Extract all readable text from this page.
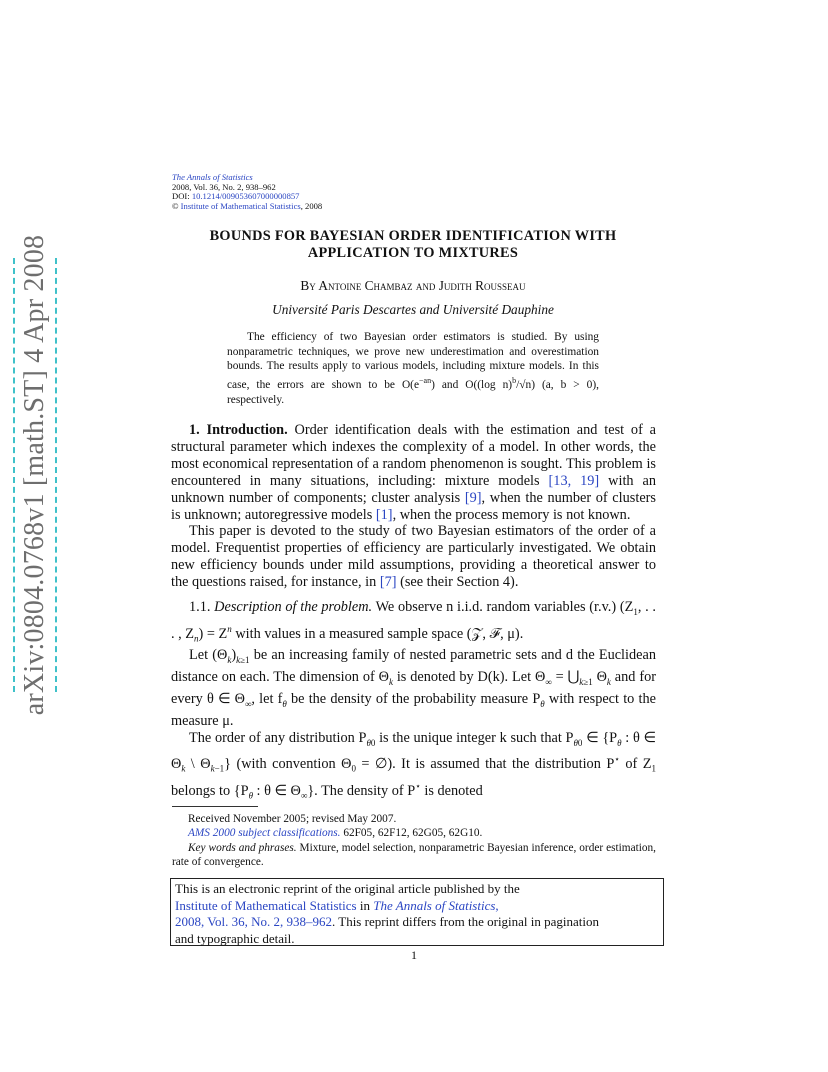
arXiv:0804.0768v1 [math.ST] 4 Apr 2008
The Annals of Statistics
2008, Vol. 36, No. 2, 938–962
DOI: 10.1214/009053607000000857
© Institute of Mathematical Statistics, 2008
BOUNDS FOR BAYESIAN ORDER IDENTIFICATION WITH
APPLICATION TO MIXTURES
By Antoine Chambaz and Judith Rousseau
Université Paris Descartes and Université Dauphine

The efficiency of two Bayesian order estimators is studied. By using nonparametric techniques, we prove new underestimation and overestimation bounds. The results apply to various models, including mixture models. In this case, the errors are shown to be $O(e^{-an})$ and O((log n)$^b$/√n) (a, b > 0), respectively.

1. Introduction. Order identification deals with the estimation and test of a structural parameter which indexes the complexity of a model. In other words, the most economical representation of a random phenomenon is sought. This problem is encountered in many situations, including: mixture models [13, 19] with an unknown number of components; cluster analysis [9], when the number of clusters is unknown; autoregressive models [1], when the process memory is not known.

This paper is devoted to the study of two Bayesian estimators of the order of a model. Frequentist properties of efficiency are particularly investigated. We obtain new efficiency bounds under mild assumptions, providing a theoretical answer to the questions raised, for instance, in [7] (see their Section 4).

1.1. Description of the problem. We observe n i.i.d. random variables (r.v.) ($Z_1$, . . . , $Z_n) = Z^n$ with values in a measured sample space (𝒵, ℱ, μ).

Let $(\Theta_k)_{k\ge 1}$ be an increasing family of nested parametric sets and d the Euclidean distance on each. The dimension of $\Theta_k$ is denoted by D(k). Let $\Theta_\infty$ = $⋃_{k\ge 1}$ $\Theta_k$ and for every θ ∈ $\Theta_\infty$, let $f_\theta$ be the density of the probability measure $P_\theta$ with respect to the measure μ.

The order of any distribution $P_{\theta 0}$ is the unique integer k such that $P_{\theta 0}$ ∈ {$P_\theta$ : θ ∈ $\Theta_k$ \ $\Theta_{k-1}$} (with convention $\Theta_0$ = ∅). It is assumed that the distribution P⋆ of $Z_1$ belongs to {$P_\theta$ : θ ∈ $\Theta_\infty$}. The density of P⋆ is denoted

Received November 2005; revised May 2007.

AMS 2000 subject classifications. 62F05, 62F12, 62G05, 62G10.

Key words and phrases. Mixture, model selection, nonparametric Bayesian inference, order estimation, rate of convergence.

This is an electronic reprint of the original article published by the
Institute of Mathematical Statistics in The Annals of Statistics,
2008, Vol. 36, No. 2, 938–962. This reprint differs from the original in pagination
and typographic detail.
1
